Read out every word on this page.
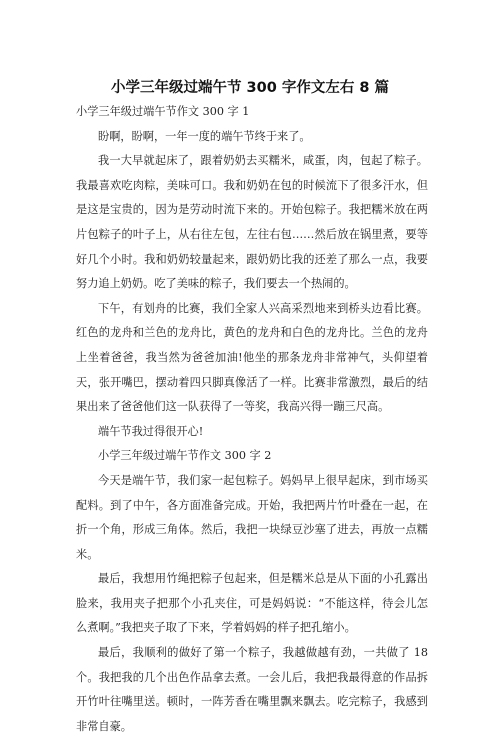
小学三年级过端午节 300 字作文左右 8 篇

小学三年级过端午节作文 300 字 1

盼啊，盼啊，一年一度的端午节终于来了。

我一大早就起床了，跟着奶奶去买糯米，咸蛋，肉，包起了粽子。我最喜欢吃肉粽，美味可口。我和奶奶在包的时候流下了很多汗水，但是这是宝贵的，因为是劳动时流下来的。开始包粽子。我把糯米放在两片包粽子的叶子上，从右往左包，左往右包……然后放在锅里煮，要等好几个小时。我和奶奶较量起来，跟奶奶比我的还差了那么一点，我要努力追上奶奶。吃了美味的粽子，我们要去一个热闹的。

下午，有划舟的比赛，我们全家人兴高采烈地来到桥头边看比赛。红色的龙舟和兰色的龙舟比，黄色的龙舟和白色的龙舟比。兰色的龙舟上坐着爸爸，我当然为爸爸加油!他坐的那条龙舟非常神气，头仰望着天，张开嘴巴，摆动着四只脚真像活了一样。比赛非常激烈，最后的结果出来了爸爸他们这一队获得了一等奖，我高兴得一蹦三尺高。

端午节我过得很开心!

小学三年级过端午节作文 300 字 2

今天是端午节，我们家一起包粽子。妈妈早上很早起床，到市场买配料。到了中午，各方面准备完成。开始，我把两片竹叶叠在一起，在折一个角，形成三角体。然后，我把一块绿豆沙塞了进去，再放一点糯米。

最后，我想用竹绳把粽子包起来，但是糯米总是从下面的小孔露出脸来，我用夹子把那个小孔夹住，可是妈妈说：“不能这样，待会儿怎么煮啊。”我把夹子取了下来，学着妈妈的样子把孔缩小。

最后，我顺利的做好了第一个粽子，我越做越有劲，一共做了 18 个。我把我的几个出色作品拿去煮。一会儿后，我把我最得意的作品拆开竹叶往嘴里送。顿时，一阵芳香在嘴里飘来飘去。吃完粽子，我感到非常自豪。
